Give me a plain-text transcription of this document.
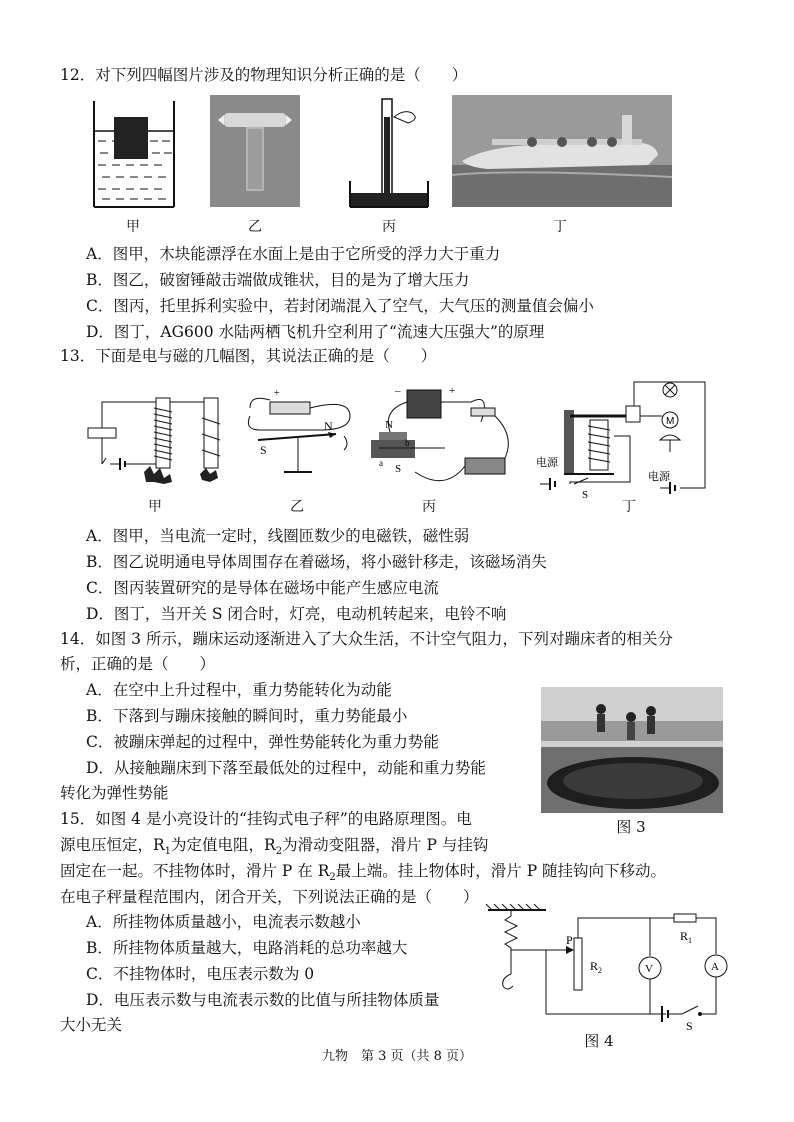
12．对下列四幅图片涉及的物理知识分析正确的是（　　）
甲	乙	丙	丁
A．图甲，木块能漂浮在水面上是由于它所受的浮力大于重力
B．图乙，破窗锤敲击端做成锥状，目的是为了增大压力
C．图丙，托里拆利实验中，若封闭端混入了空气，大气压的测量值会偏小
D．图丁，AG600 水陆两栖飞机升空利用了“流速大压强大”的原理
13．下面是电与磁的几幅图，其说法正确的是（　　）
甲
+
S
N
乙
–	+
N
b
a S
丙
M
电源
S
电源
丁
A．图甲，当电流一定时，线圈匝数少的电磁铁，磁性弱
B．图乙说明通电导体周围存在着磁场，将小磁针移走，该磁场消失
C．图丙装置研究的是导体在磁场中能产生感应电流
D．图丁，当开关 S 闭合时，灯亮，电动机转起来，电铃不响
14．如图 3 所示，蹦床运动逐渐进入了大众生活，不计空气阻力，下列对蹦床者的相关分
析，正确的是（　　）
A．在空中上升过程中，重力势能转化为动能
B．下落到与蹦床接触的瞬间时，重力势能最小
C．被蹦床弹起的过程中，弹性势能转化为重力势能
D．从接触蹦床到下落至最低处的过程中，动能和重力势能
转化为弹性势能
图 3
15．如图 4 是小亮设计的“挂钩式电子秤”的电路原理图。电
源电压恒定，$R_1$为定值电阻，$R_2$为滑动变阻器，滑片 P 与挂钩
固定在一起。不挂物体时，滑片 P 在 $R_2$最上端。挂上物体时，滑片 P 随挂钩向下移动。
在电子秤量程范围内，闭合开关，下列说法正确的是（　　）
A．所挂物体质量越小，电流表示数越小
B．所挂物体质量越大，电路消耗的总功率越大
C．不挂物体时，电压表示数为 0
D．电压表示数与电流表示数的比值与所挂物体质量
大小无关
P
$R_2$
$R_1$
V	A
S
图 4
九物　第 3 页（共 8 页）
